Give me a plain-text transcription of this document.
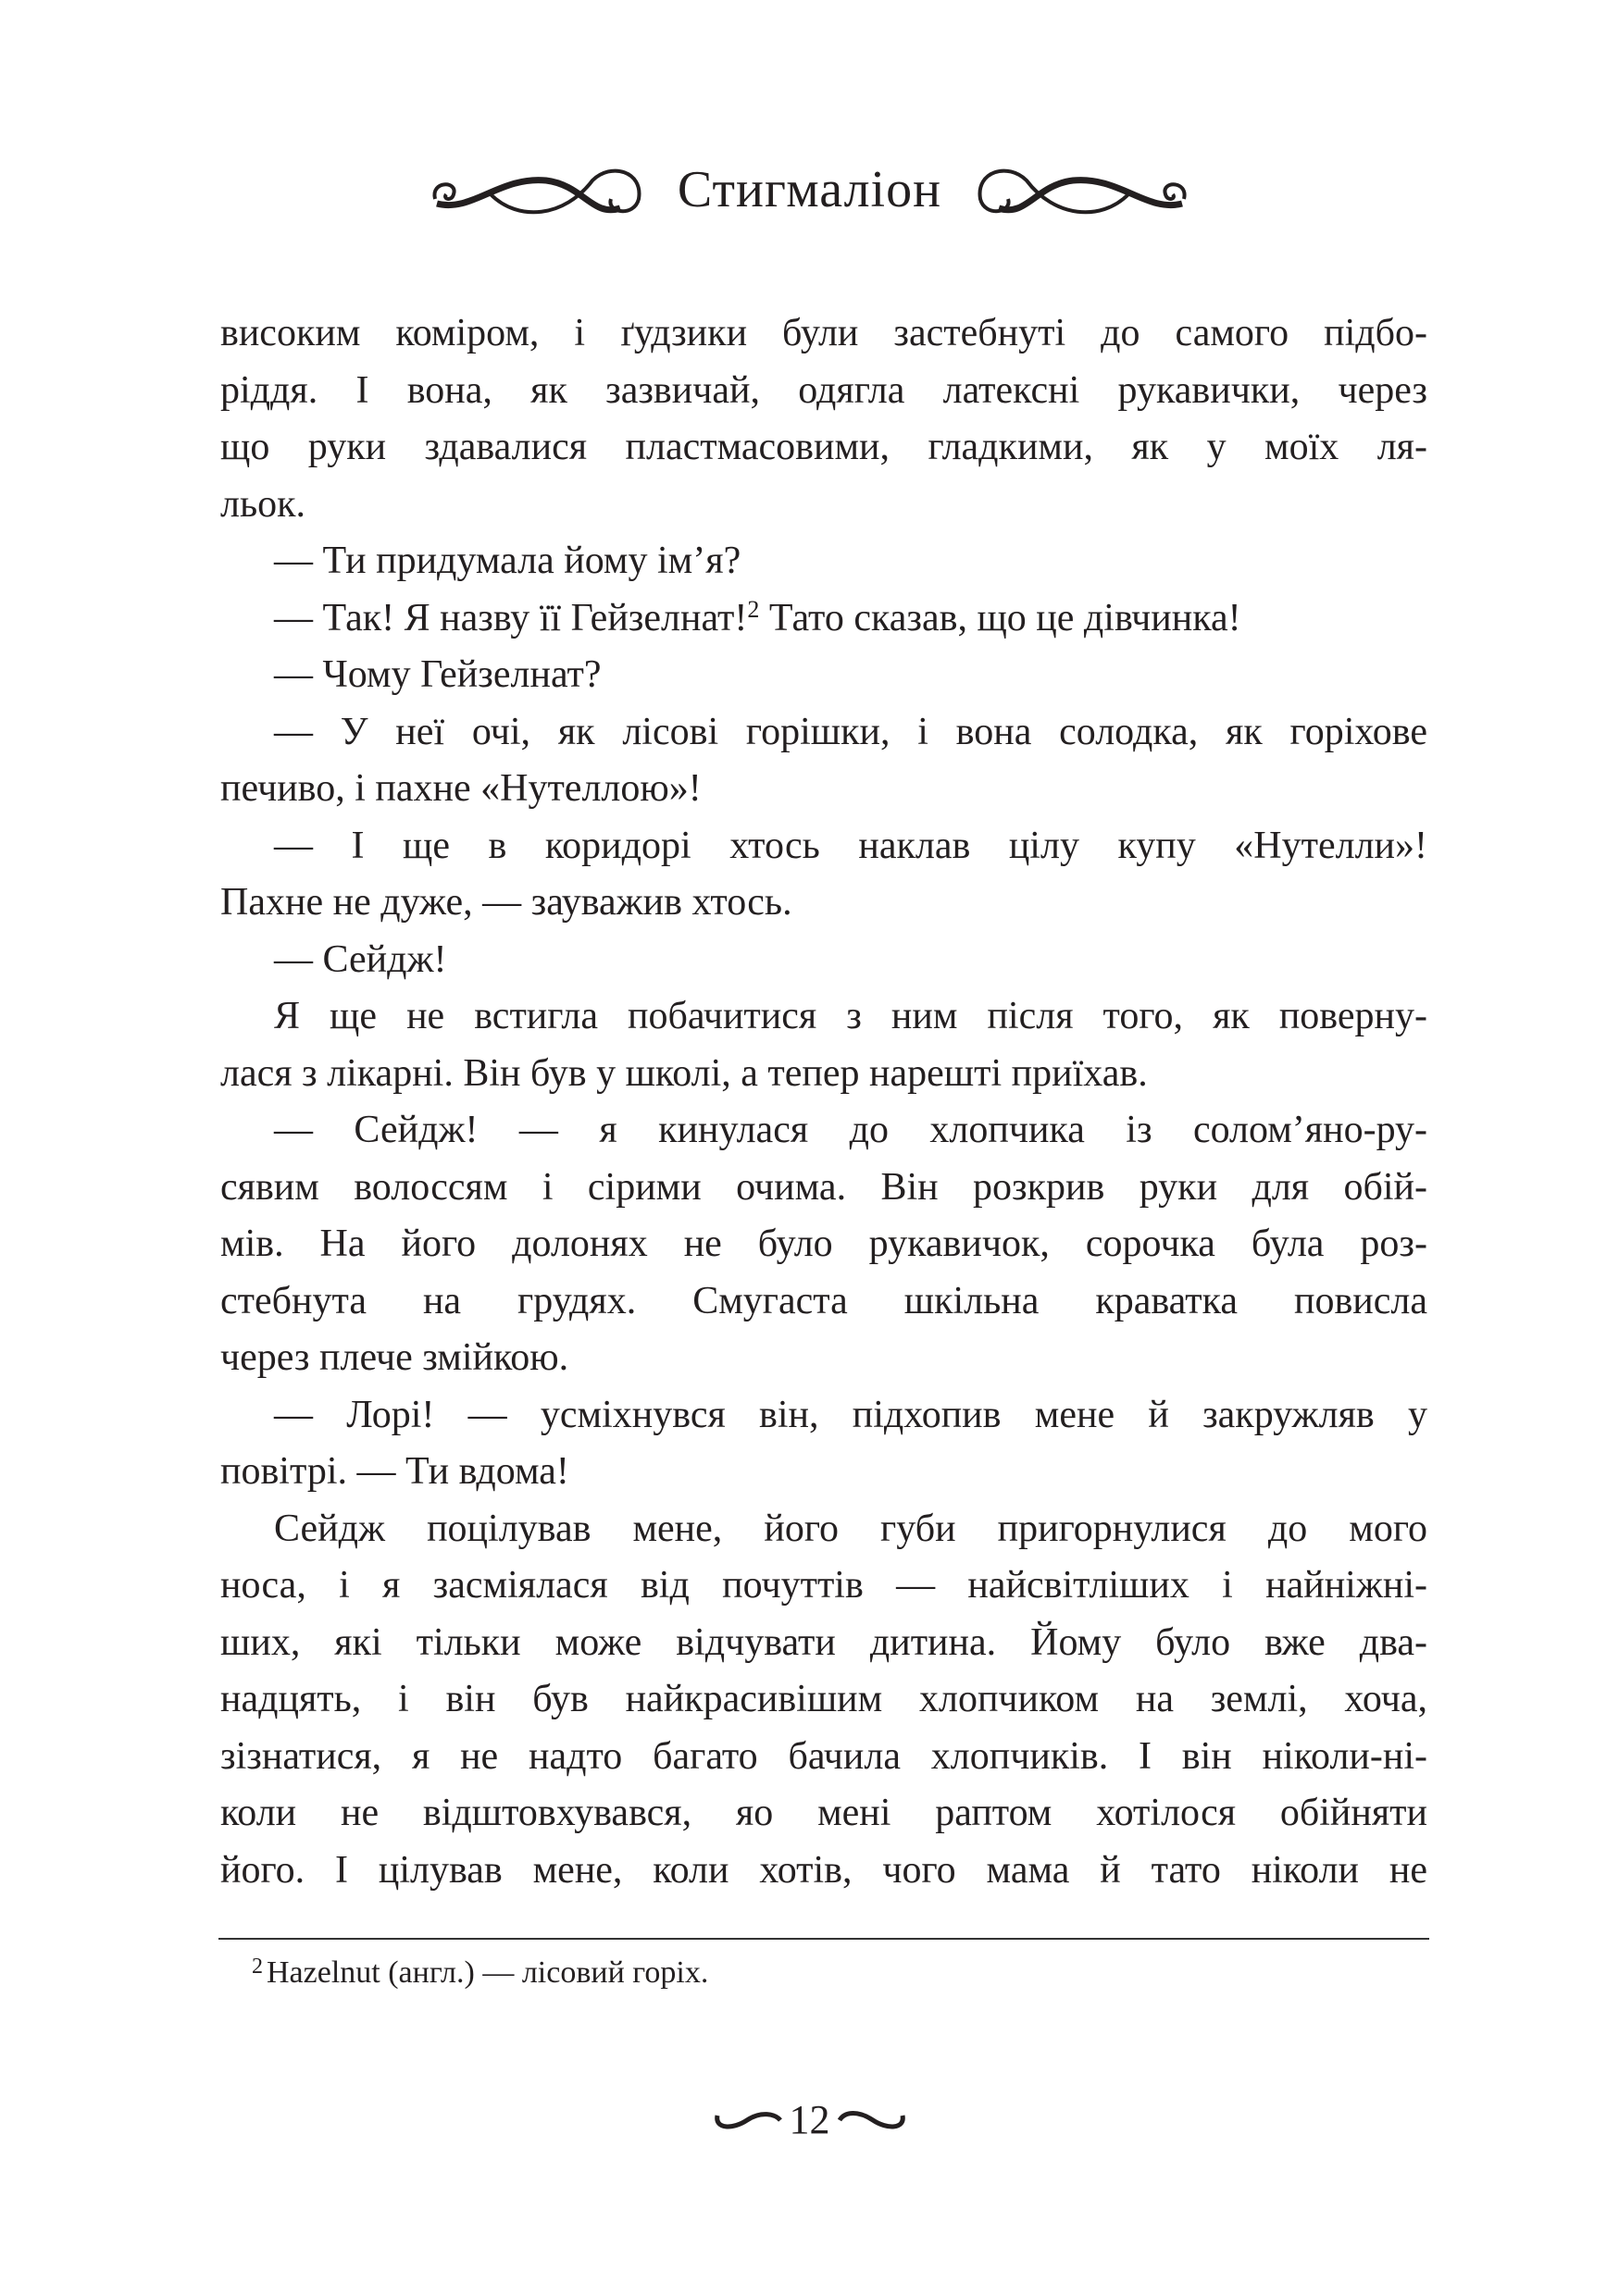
Стигмаліон
високим коміром, і ґудзики були застебнуті до самого підбо-
ріддя. І вона, як зазвичай, одягла латексні рукавички, через
що руки здавалися пластмасовими, гладкими, як у моїх ля-
льок.
— Ти придумала йому ім’я?
— Так! Я назву її Гейзелнат!$^2$ Тато сказав, що це дівчинка!
— Чому Гейзелнат?
— У неї очі, як лісові горішки, і вона солодка, як горіхове
печиво, і пахне «Нутеллою»!
— І ще в коридорі хтось наклав цілу купу «Нутелли»!
Пахне не дуже, — зауважив хтось.
— Сейдж!
Я ще не встигла побачитися з ним після того, як поверну-
лася з лікарні. Він був у школі, а тепер нарешті приїхав.
— Сейдж! — я кинулася до хлопчика із солом’яно-ру-
сявим волоссям і сірими очима. Він розкрив руки для обій-
мів. На його долонях не було рукавичок, сорочка була роз-
стебнута на грудях. Смугаста шкільна краватка повисла
через плече змійкою.
— Лорі! — усміхнувся він, підхопив мене й закружляв у
повітрі. — Ти вдома!
Сейдж поцілував мене, його губи пригорнулися до мого
носа, і я засміялася від почуттів — найсвітліших і найніжні-
ших, які тільки може відчувати дитина. Йому було вже два-
надцять, і він був найкрасивішим хлопчиком на землі, хоча,
зізнатися, я не надто багато бачила хлопчиків. І він ніколи-ні-
коли не відштовхувався, яо мені раптом хотілося обійняти
його. І цілував мене, коли хотів, чого мама й тато ніколи не
$^2$ Hazelnut (англ.) — лісовий горіх.
12
